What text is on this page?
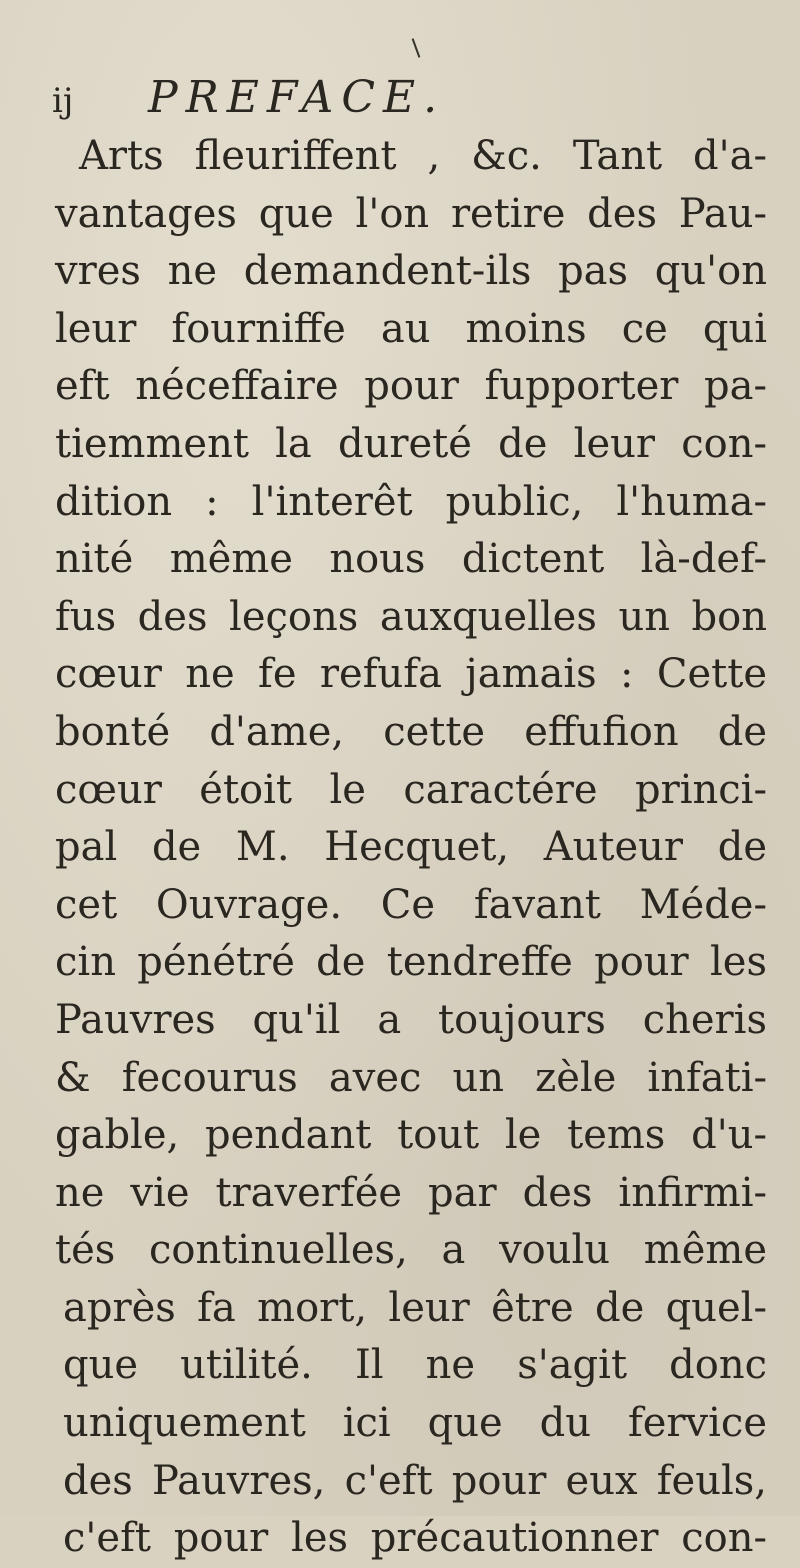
ij PREFACE.
Arts fleuriffent , &c. Tant d'a-
vantages que l'on retire des Pau-
vres ne demandent-ils pas qu'on
leur fourniffe au moins ce qui
eft néceffaire pour fupporter pa-
tiemment la dureté de leur con-
dition : l'interêt public, l'huma-
nité même nous dictent là-def-
fus des leçons auxquelles un bon
cœur ne fe refufa jamais : Cette
bonté d'ame, cette effufion de
cœur étoit le caractére princi-
pal de M. Hecquet, Auteur de
cet Ouvrage. Ce favant Méde-
cin pénétré de tendreffe pour les
Pauvres qu'il a toujours cheris
& fecourus avec un zèle infati-
gable, pendant tout le tems d'u-
ne vie traverfée par des infirmi-
tés continuelles, a voulu même
après fa mort, leur être de quel-
que utilité. Il ne s'agit donc
uniquement ici que du fervice
des Pauvres, c'eft pour eux feuls,
c'eft pour les précautionner con-
